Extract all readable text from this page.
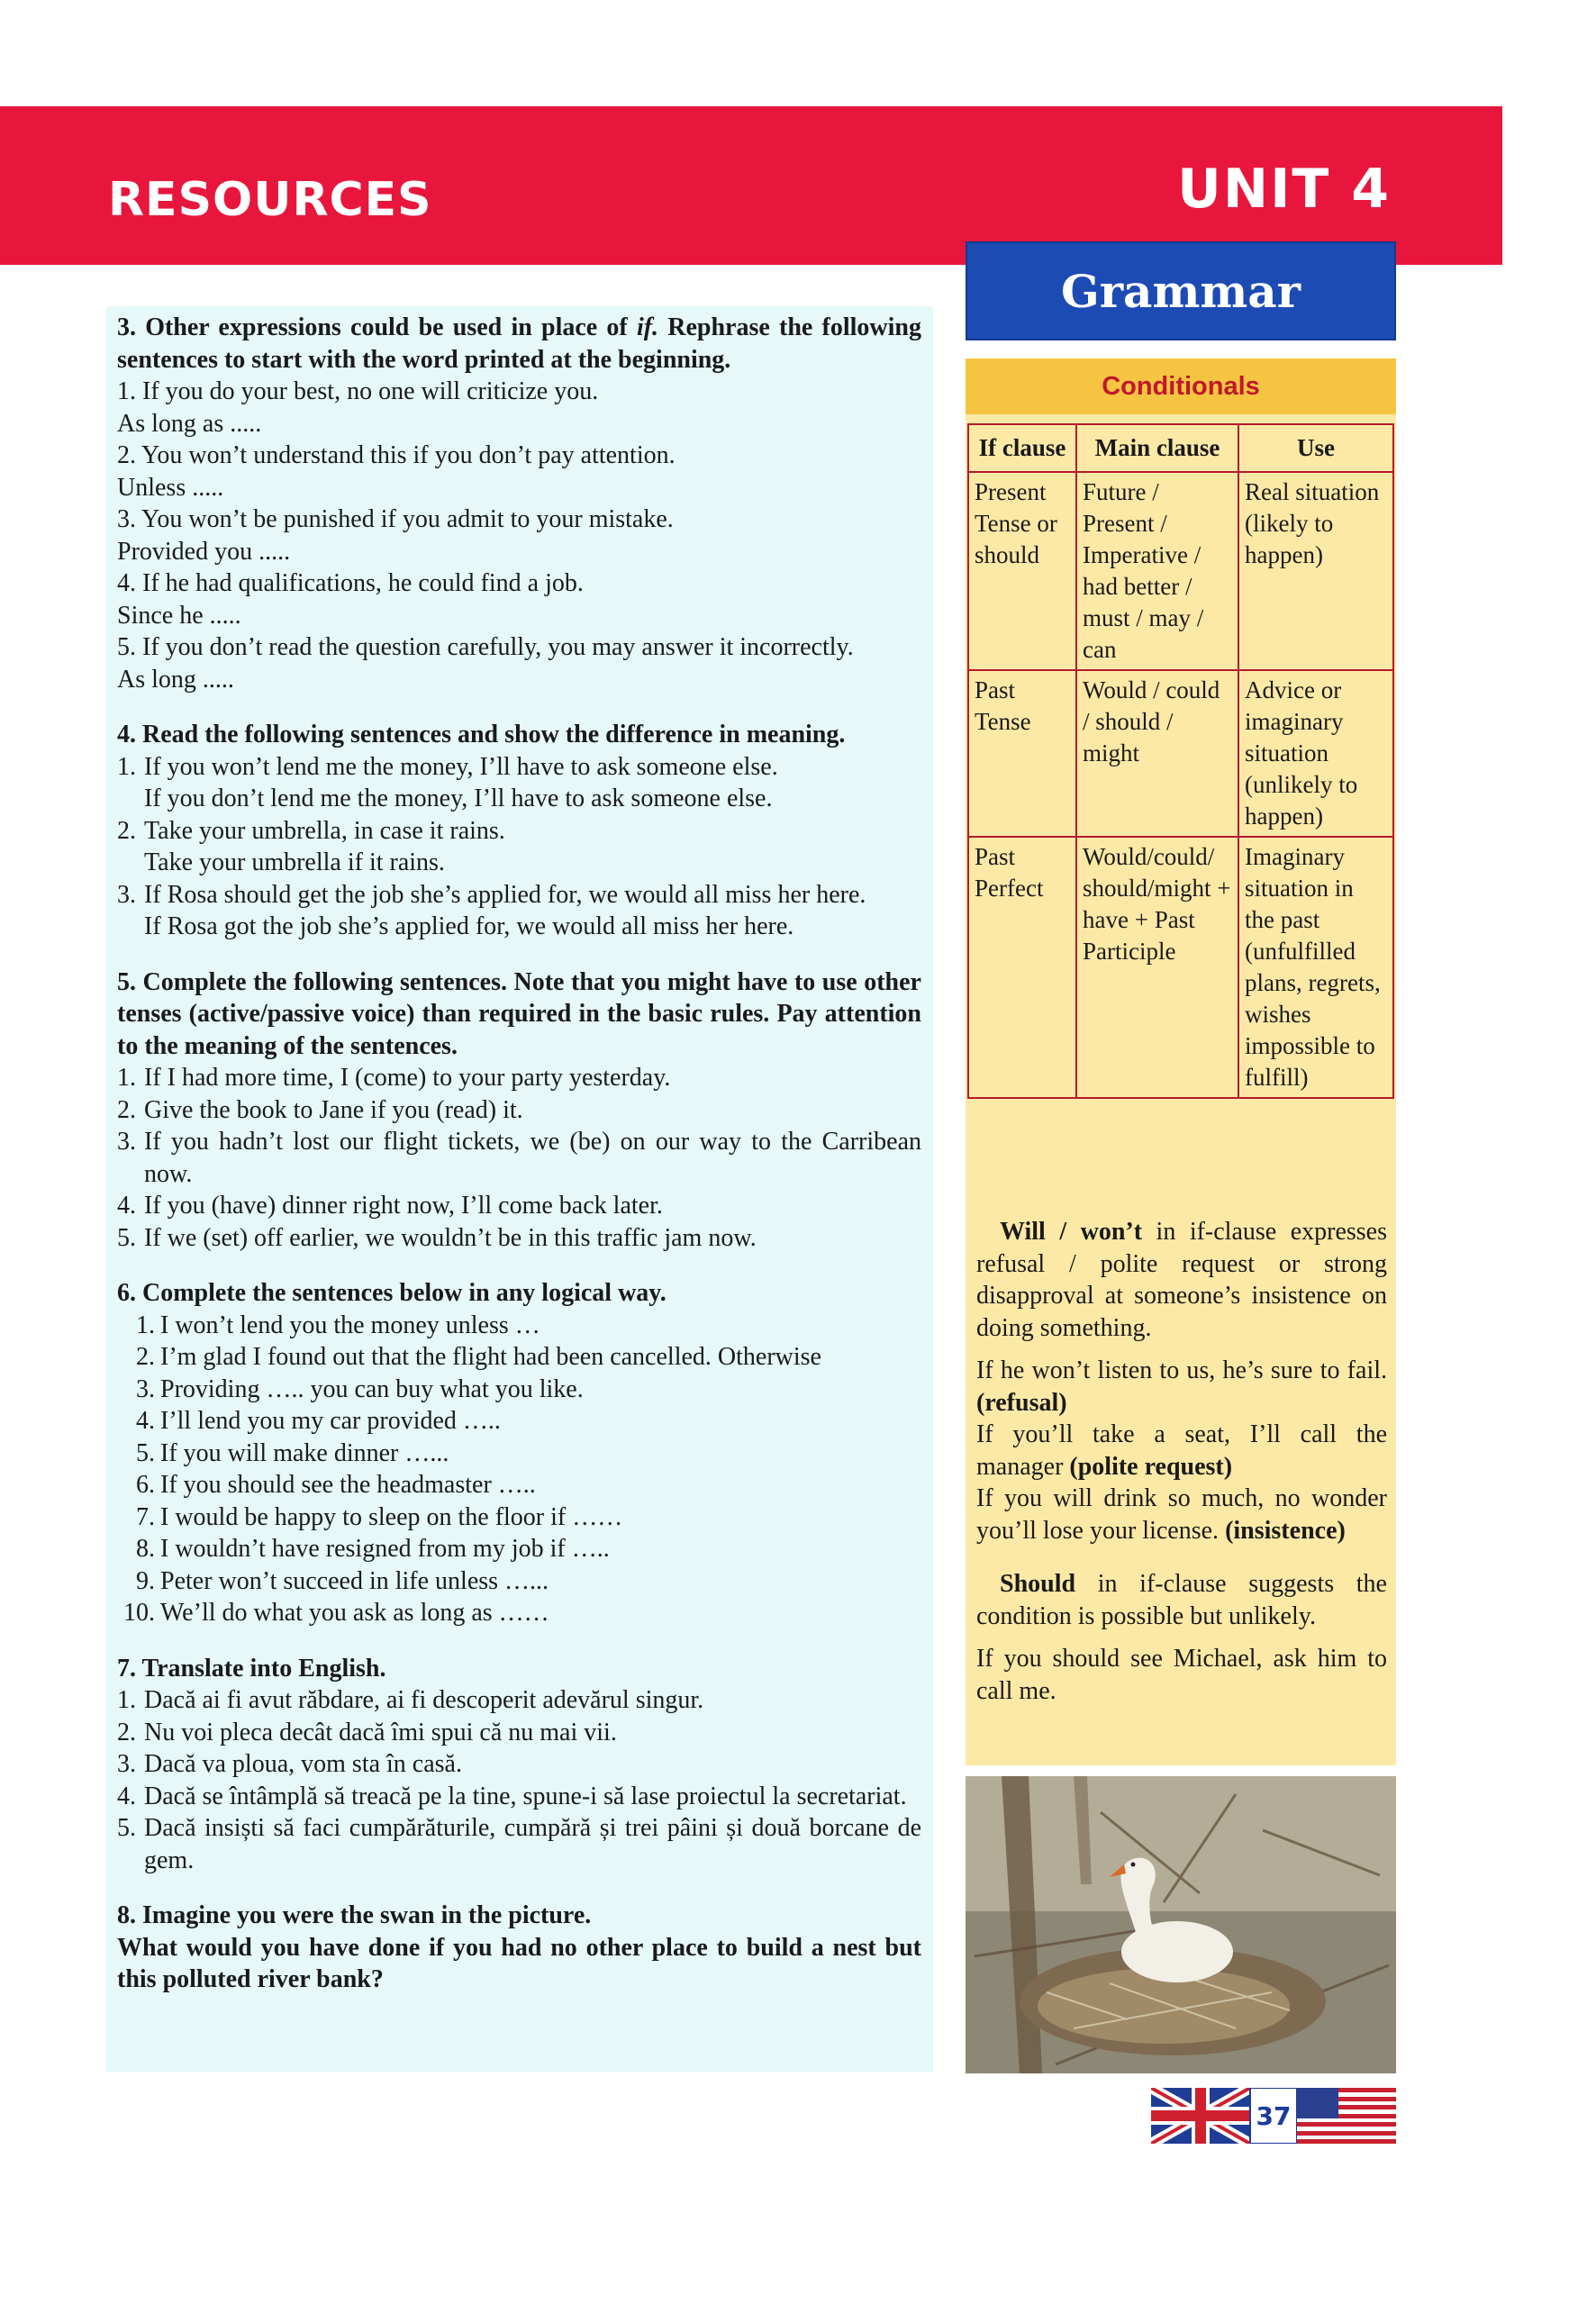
RESOURCES	UNIT 4

3. Other expressions could be used in place of if. Rephrase the following sentences to start with the word printed at the beginning.

1. If you do your best, no one will criticize you.

As long as .....

2. You won’t understand this if you don’t pay attention.

Unless .....

3. You won’t be punished if you admit to your mistake.

Provided you .....

4. If he had qualifications, he could find a job.

Since he .....

5. If you don’t read the question carefully, you may answer it incorrectly.

As long .....

4. Read the following sentences and show the difference in meaning.

1. If you won’t lend me the money, I’ll have to ask someone else.
If you don’t lend me the money, I’ll have to ask someone else.
2. Take your umbrella, in case it rains.
Take your umbrella if it rains.
3. If Rosa should get the job she’s applied for, we would all miss her here.
If Rosa got the job she’s applied for, we would all miss her here.

5. Complete the following sentences. Note that you might have to use other tenses (active/passive voice) than required in the basic rules. Pay attention to the meaning of the sentences.

1. If I had more time, I (come) to your party yesterday.
2. Give the book to Jane if you (read) it.
3. If you hadn’t lost our flight tickets, we (be) on our way to the Carribean now.
4. If you (have) dinner right now, I’ll come back later.
5. If we (set) off earlier, we wouldn’t be in this traffic jam now.

6. Complete the sentences below in any logical way.

1. I won’t lend you the money unless …
2. I’m glad I found out that the flight had been cancelled. Otherwise
3. Providing ….. you can buy what you like.
4. I’ll lend you my car provided …..
5. If you will make dinner …...
6. If you should see the headmaster …..
7. I would be happy to sleep on the floor if ……
8. I wouldn’t have resigned from my job if …..
9. Peter won’t succeed in life unless …...
10. We’ll do what you ask as long as ……

7. Translate into English.

1. Dacă ai fi avut răbdare, ai fi descoperit adevărul singur.
2. Nu voi pleca decât dacă îmi spui că nu mai vii.
3. Dacă va ploua, vom sta în casă.
4. Dacă se întâmplă să treacă pe la tine, spune-i să lase proiectul la secretariat.
5. Dacă insiști să faci cumpărăturile, cumpără și trei pâini și două borcane de gem.

8. Imagine you were the swan in the picture.

What would you have done if you had no other place to build a nest but this polluted river bank?

Grammar
Conditionals
If clause	Main clause	Use
Present Tense or should	Future / Present / Imperative / had better / must / may / can	Real situation (likely to happen)
Past Tense	Would / could / should / might	Advice or imaginary situation (unlikely to happen)
Past Perfect	Would/could/ should/might + have + Past Participle	Imaginary situation in the past (unfulfilled plans, regrets, wishes impossible to fulfill)

Will / won’t in if-clause expresses refusal / polite request or strong disapproval at someone’s insistence on doing something.

If he won’t listen to us, he’s sure to fail. (refusal)

If you’ll take a seat, I’ll call the manager (polite request)

If you will drink so much, no wonder you’ll lose your license. (insistence)

Should in if-clause suggests the condition is possible but unlikely.

If you should see Michael, ask him to call me.

37
